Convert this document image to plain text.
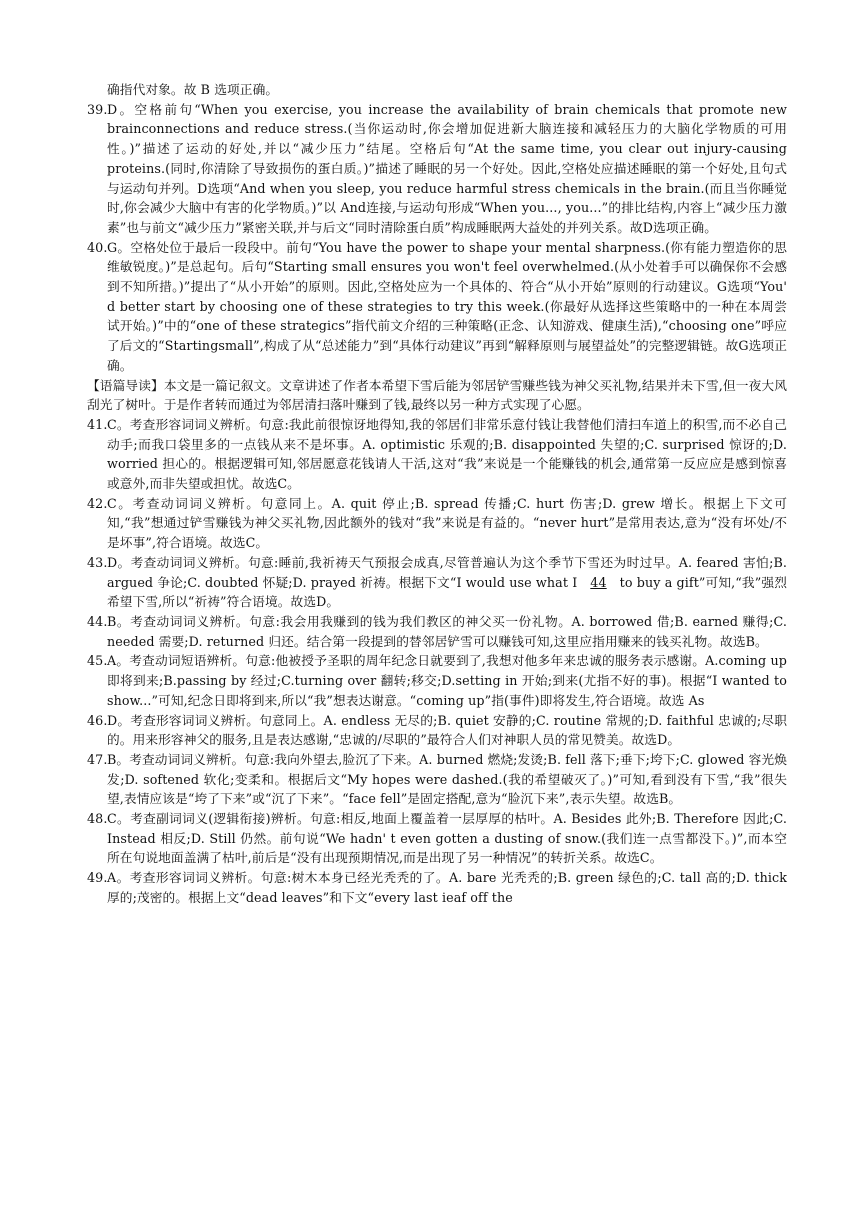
确指代对象。故 B 选项正确。

39. D。空格前句“When you exercise, you increase the availability of brain chemicals that promote new brainconnections and reduce stress.(当你运动时,你会增加促进新大脑连接和减轻压力的大脑化学物质的可用性。)”描述了运动的好处,并以“减少压力”结尾。空格后句“At the same time, you clear out injury-causing proteins.(同时,你清除了导致损伤的蛋白质。)”描述了睡眠的另一个好处。因此,空格处应描述睡眠的第一个好处,且句式与运动句并列。D选项“And when you sleep, you reduce harmful stress chemicals in the brain.(而且当你睡觉时,你会减少大脑中有害的化学物质。)”以 And连接,与运动句形成“When you..., you...”的排比结构,内容上“减少压力激素”也与前文“减少压力”紧密关联,并与后文“同时清除蛋白质”构成睡眠两大益处的并列关系。故D选项正确。
40. G。空格处位于最后一段段中。前句“You have the power to shape your mental sharpness.(你有能力塑造你的思维敏锐度。)”是总起句。后句“Starting small ensures you won't feel overwhelmed.(从小处着手可以确保你不会感到不知所措。)”提出了“从小开始”的原则。因此,空格处应为一个具体的、符合“从小开始”原则的行动建议。G选项“You' d better start by choosing one of these strategies to try this week.(你最好从选择这些策略中的一种在本周尝试开始。)”中的“one of these strategics”指代前文介绍的三种策略(正念、认知游戏、健康生活),“choosing one”呼应了后文的“Startingsmall”,构成了从“总述能力”到“具体行动建议”再到“解释原则与展望益处”的完整逻辑链。故G选项正确。
【语篇导读】本文是一篇记叙文。文章讲述了作者本希望下雪后能为邻居铲雪赚些钱为神父买礼物,结果并未下雪,但一夜大风刮光了树叶。于是作者转而通过为邻居清扫落叶赚到了钱,最终以另一种方式实现了心愿。
41. C。考查形容词词义辨析。句意:我此前很惊讶地得知,我的邻居们非常乐意付钱让我替他们清扫车道上的积雪,而不必自己动手;而我口袋里多的一点钱从来不是坏事。A. optimistic 乐观的;B. disappointed 失望的;C. surprised 惊讶的;D. worried 担心的。根据逻辑可知,邻居愿意花钱请人干活,这对“我”来说是一个能赚钱的机会,通常第一反应应是感到惊喜或意外,而非失望或担忧。故选C。
42. C。考查动词词义辨析。句意同上。A. quit 停止;B. spread 传播;C. hurt 伤害;D. grew 增长。根据上下文可知,“我”想通过铲雪赚钱为神父买礼物,因此额外的钱对“我”来说是有益的。“never hurt”是常用表达,意为“没有坏处/不是坏事”,符合语境。故选C。
43. D。考查动词词义辨析。句意:睡前,我祈祷天气预报会成真,尽管普遍认为这个季节下雪还为时过早。A. feared 害怕;B. argued 争论;C. doubted 怀疑;D. prayed 祈祷。根据下文“I would use what I 44 to buy a gift”可知,“我”强烈希望下雪,所以“祈祷”符合语境。故选D。
44. B。考查动词词义辨析。句意:我会用我赚到的钱为我们教区的神父买一份礼物。A. borrowed 借;B. earned 赚得;C. needed 需要;D. returned 归还。结合第一段提到的替邻居铲雪可以赚钱可知,这里应指用赚来的钱买礼物。故选B。
45. A。考查动词短语辨析。句意:他被授予圣职的周年纪念日就要到了,我想对他多年来忠诚的服务表示感谢。A.coming up 即将到来;B.passing by 经过;C.turning over 翻转;移交;D.setting in 开始;到来(尤指不好的事)。根据“I wanted to show...”可知,纪念日即将到来,所以“我”想表达谢意。“coming up”指(事件)即将发生,符合语境。故选 As
46. D。考查形容词词义辨析。句意同上。A. endless 无尽的;B. quiet 安静的;C. routine 常规的;D. faithful 忠诚的;尽职的。用来形容神父的服务,且是表达感谢,“忠诚的/尽职的”最符合人们对神职人员的常见赞美。故选D。
47. B。考查动词词义辨析。句意:我向外望去,脸沉了下来。A. burned 燃烧;发烫;B. fell 落下;垂下;垮下;C. glowed 容光焕发;D. softened 软化;变柔和。根据后文“My hopes were dashed.(我的希望破灭了。)”可知,看到没有下雪,“我”很失望,表情应该是“垮了下来”或“沉了下来”。“face fell”是固定搭配,意为“脸沉下来”,表示失望。故选B。
48. C。考查副词词义(逻辑衔接)辨析。句意:相反,地面上覆盖着一层厚厚的枯叶。A. Besides 此外;B. Therefore 因此;C. Instead 相反;D. Still 仍然。前句说“We hadn' t even gotten a dusting of snow.(我们连一点雪都没下。)”,而本空所在句说地面盖满了枯叶,前后是“没有出现预期情况,而是出现了另一种情况”的转折关系。故选C。
49. A。考查形容词词义辨析。句意:树木本身已经光秃秃的了。A. bare 光秃秃的;B. green 绿色的;C. tall 高的;D. thick 厚的;茂密的。根据上文“dead leaves”和下文“every last ieaf off the
